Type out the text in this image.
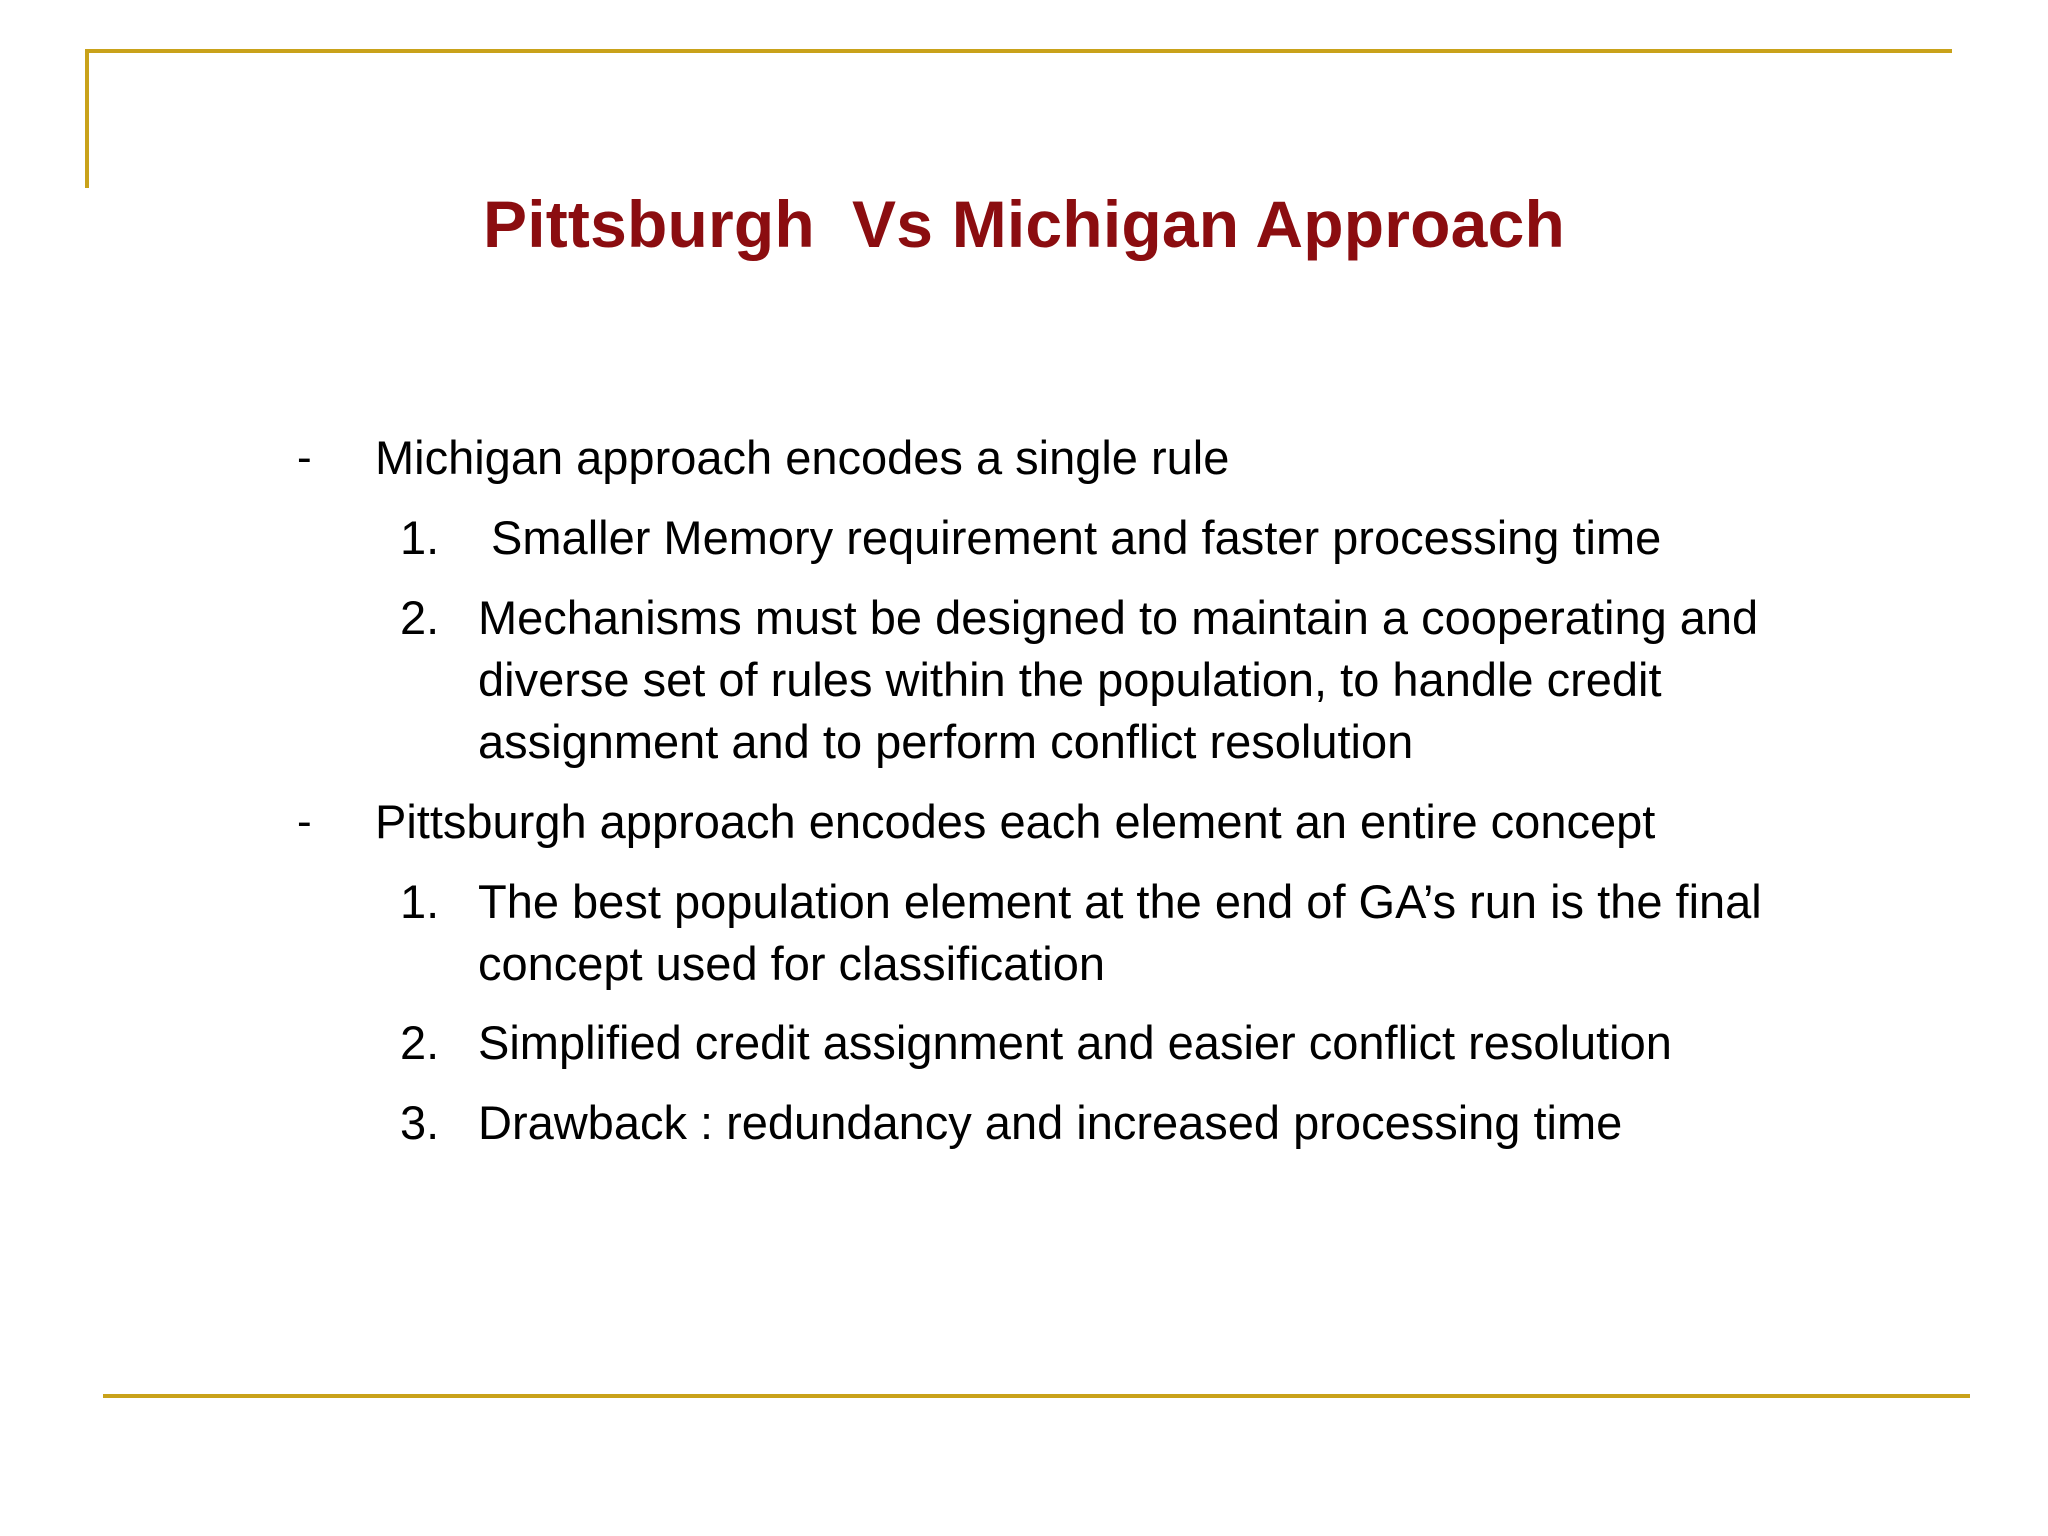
Pittsburgh  Vs Michigan Approach
- Michigan approach encodes a single rule
1. Smaller Memory requirement and faster processing time
2. Mechanisms must be designed to maintain a cooperating and
diverse set of rules within the population, to handle credit
assignment and to perform conflict resolution
- Pittsburgh approach encodes each element an entire concept
1. The best population element at the end of GA’s run is the final
concept used for classification
2. Simplified credit assignment and easier conflict resolution
3. Drawback : redundancy and increased processing time
